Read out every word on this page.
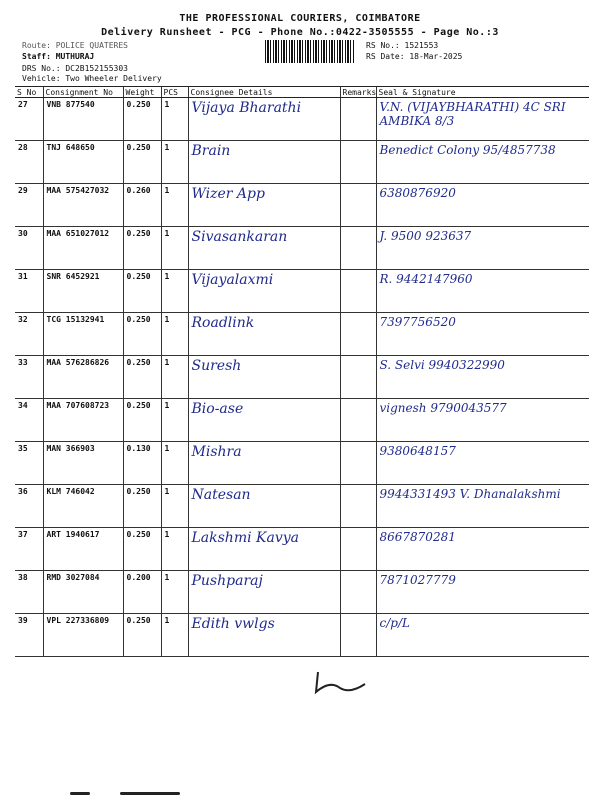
THE PROFESSIONAL COURIERS, COIMBATORE
Delivery Runsheet - PCG - Phone No.:0422-3505555 - Page No.:3
Route: POLICE QUATERES
Staff: MUTHURAJ
DRS No.: DC2B152155303
Vehicle: Two Wheeler Delivery
RS No.: 1521553
RS Date: 18-Mar-2025
S No	Consignment No	Weight	PCS	Consignee Details	Remarks	Seal & Signature
27	VNB 877540	0.250	1	Vijaya Bharathi		V.N. (VIJAYBHARATHI) 4C SRI AMBIKA 8/3
28	TNJ 648650	0.250	1	Brain		Benedict Colony 95/4857738
29	MAA 575427032	0.260	1	Wizer App		6380876920
30	MAA 651027012	0.250	1	Sivasankaran		J. 9500 923637
31	SNR 6452921	0.250	1	Vijayalaxmi		R. 9442147960
32	TCG 15132941	0.250	1	Roadlink		7397756520
33	MAA 576286826	0.250	1	Suresh		S. Selvi 9940322990
34	MAA 707608723	0.250	1	Bio-ase		vignesh 9790043577
35	MAN 366903	0.130	1	Mishra		9380648157
36	KLM 746042	0.250	1	Natesan		9944331493 V. Dhanalakshmi
37	ART 1940617	0.250	1	Lakshmi Kavya		8667870281
38	RMD 3027084	0.200	1	Pushparaj		7871027779
39	VPL 227336809	0.250	1	Edith vwlgs		c/p/L
